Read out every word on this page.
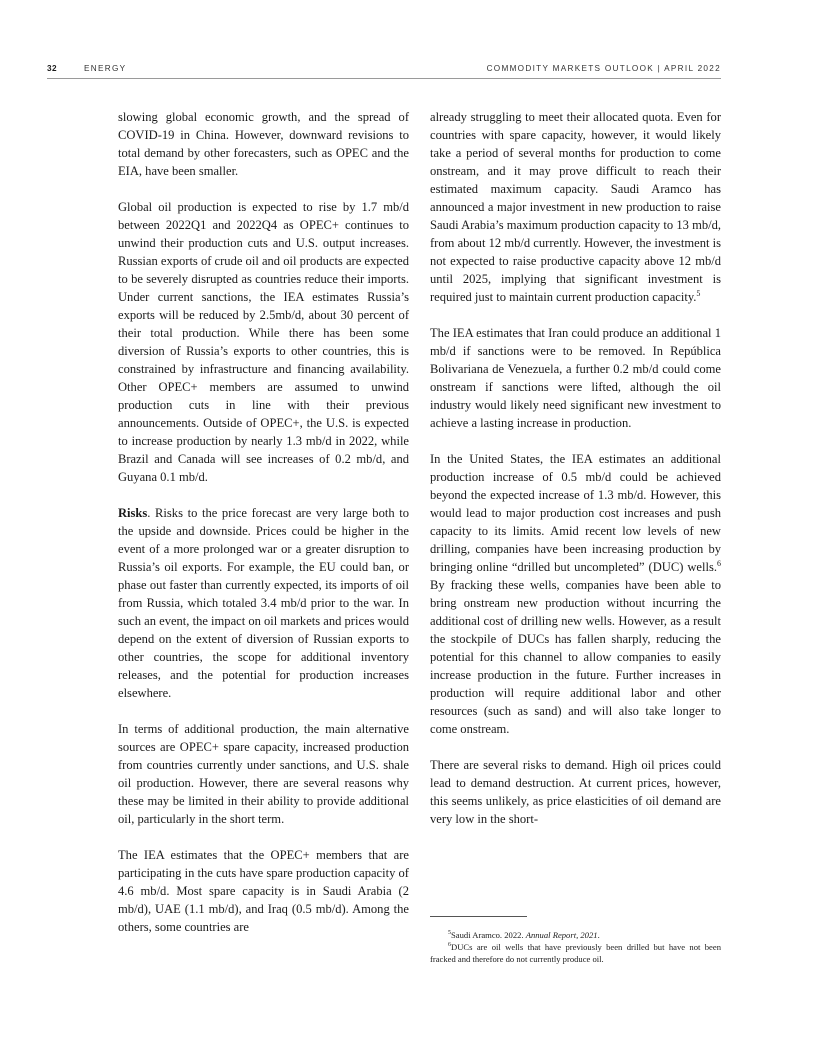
32	ENERGY	COMMODITY MARKETS OUTLOOK | APRIL 2022

slowing global economic growth, and the spread of COVID-19 in China. However, downward revisions to total demand by other forecasters, such as OPEC and the EIA, have been smaller.

Global oil production is expected to rise by 1.7 mb/d between 2022Q1 and 2022Q4 as OPEC+ continues to unwind their production cuts and U.S. output increases. Russian exports of crude oil and oil products are expected to be severely disrupted as countries reduce their imports. Under current sanctions, the IEA estimates Russia’s exports will be reduced by 2.5mb/d, about 30 percent of their total production. While there has been some diversion of Russia’s exports to other countries, this is constrained by infrastructure and financing availability. Other OPEC+ members are assumed to unwind production cuts in line with their previous announcements. Outside of OPEC+, the U.S. is expected to increase production by nearly 1.3 mb/d in 2022, while Brazil and Canada will see increases of 0.2 mb/d, and Guyana 0.1 mb/d.

Risks. Risks to the price forecast are very large both to the upside and downside. Prices could be higher in the event of a more prolonged war or a greater disruption to Russia’s oil exports. For example, the EU could ban, or phase out faster than currently expected, its imports of oil from Russia, which totaled 3.4 mb/d prior to the war. In such an event, the impact on oil markets and prices would depend on the extent of diversion of Russian exports to other countries, the scope for additional inventory releases, and the potential for production increases elsewhere.

In terms of additional production, the main alternative sources are OPEC+ spare capacity, increased production from countries currently under sanctions, and U.S. shale oil production. However, there are several reasons why these may be limited in their ability to provide additional oil, particularly in the short term.

The IEA estimates that the OPEC+ members that are participating in the cuts have spare production capacity of 4.6 mb/d. Most spare capacity is in Saudi Arabia (2 mb/d), UAE (1.1 mb/d), and Iraq (0.5 mb/d). Among the others, some countries are

already struggling to meet their allocated quota. Even for countries with spare capacity, however, it would likely take a period of several months for production to come onstream, and it may prove difficult to reach their estimated maximum capacity. Saudi Aramco has announced a major investment in new production to raise Saudi Arabia’s maximum production capacity to 13 mb/d, from about 12 mb/d currently. However, the investment is not expected to raise productive capacity above 12 mb/d until 2025, implying that significant investment is required just to maintain current production capacity.$^5$

The IEA estimates that Iran could produce an additional 1 mb/d if sanctions were to be removed. In República Bolivariana de Venezuela, a further 0.2 mb/d could come onstream if sanctions were lifted, although the oil industry would likely need significant new investment to achieve a lasting increase in production.

In the United States, the IEA estimates an additional production increase of 0.5 mb/d could be achieved beyond the expected increase of 1.3 mb/d. However, this would lead to major production cost increases and push capacity to its limits. Amid recent low levels of new drilling, companies have been increasing production by bringing online “drilled but uncompleted” (DUC) wells.$^6$ By fracking these wells, companies have been able to bring onstream new production without incurring the additional cost of drilling new wells. However, as a result the stockpile of DUCs has fallen sharply, reducing the potential for this channel to allow companies to easily increase production in the future. Further increases in production will require additional labor and other resources (such as sand) and will also take longer to come onstream.

There are several risks to demand. High oil prices could lead to demand destruction. At current prices, however, this seems unlikely, as price elasticities of oil demand are very low in the short-

$^5$Saudi Aramco. 2022. Annual Report, 2021.

$^6$DUCs are oil wells that have previously been drilled but have not been fracked and therefore do not currently produce oil.
